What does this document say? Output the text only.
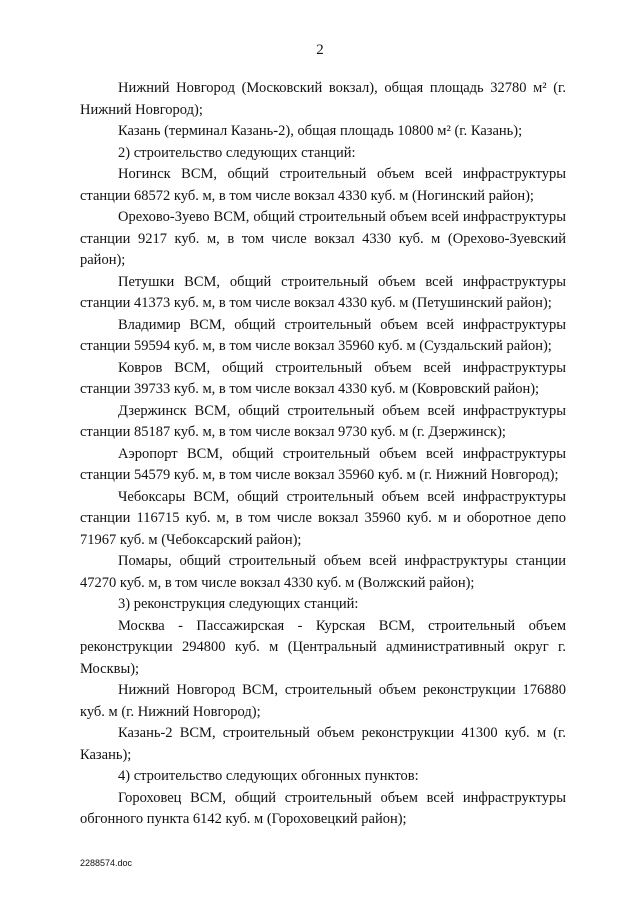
2

Нижний Новгород (Московский вокзал), общая площадь 32780 м² (г. Нижний Новгород);

Казань (терминал Казань-2), общая площадь 10800 м² (г. Казань);

2) строительство следующих станций:

Ногинск ВСМ, общий строительный объем всей инфраструктуры станции 68572 куб. м, в том числе вокзал 4330 куб. м (Ногинский район);

Орехово-Зуево ВСМ, общий строительный объем всей инфраструктуры станции 9217 куб. м, в том числе вокзал 4330 куб. м (Орехово-Зуевский район);

Петушки ВСМ, общий строительный объем всей инфраструктуры станции 41373 куб. м, в том числе вокзал 4330 куб. м (Петушинский район);

Владимир ВСМ, общий строительный объем всей инфраструктуры станции 59594 куб. м, в том числе вокзал 35960 куб. м (Суздальский район);

Ковров ВСМ, общий строительный объем всей инфраструктуры станции 39733 куб. м, в том числе вокзал 4330 куб. м (Ковровский район);

Дзержинск ВСМ, общий строительный объем всей инфраструктуры станции 85187 куб. м, в том числе вокзал 9730 куб. м (г. Дзержинск);

Аэропорт ВСМ, общий строительный объем всей инфраструктуры станции 54579 куб. м, в том числе вокзал 35960 куб. м (г. Нижний Новгород);

Чебоксары ВСМ, общий строительный объем всей инфраструктуры станции 116715 куб. м, в том числе вокзал 35960 куб. м и оборотное депо 71967 куб. м (Чебоксарский район);

Помары, общий строительный объем всей инфраструктуры станции 47270 куб. м, в том числе вокзал 4330 куб. м (Волжский район);

3) реконструкция следующих станций:

Москва - Пассажирская - Курская ВСМ, строительный объем реконструкции 294800 куб. м (Центральный административный округ г. Москвы);

Нижний Новгород ВСМ, строительный объем реконструкции 176880 куб. м (г. Нижний Новгород);

Казань-2 ВСМ, строительный объем реконструкции 41300 куб. м (г. Казань);

4) строительство следующих обгонных пунктов:

Гороховец ВСМ, общий строительный объем всей инфраструктуры обгонного пункта 6142 куб. м (Гороховецкий район);

2288574.doc
